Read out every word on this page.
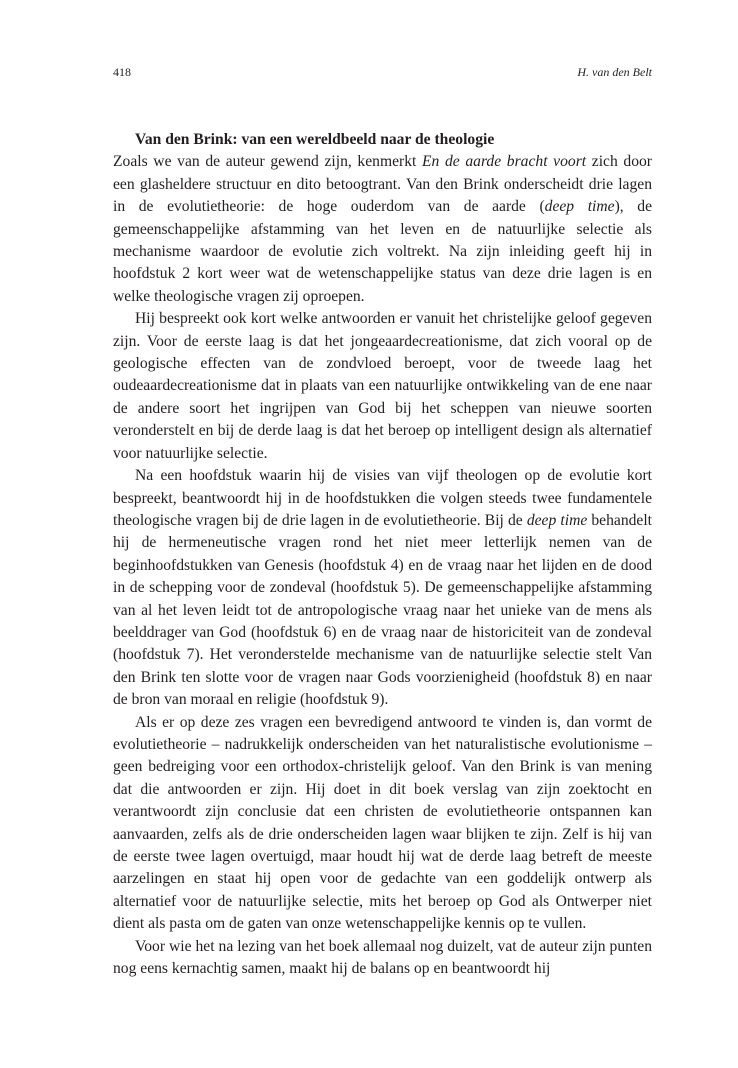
418	H. van den Belt
Van den Brink: van een wereldbeeld naar de theologie

Zoals we van de auteur gewend zijn, kenmerkt En de aarde bracht voort zich door een glasheldere structuur en dito betoogtrant. Van den Brink onderscheidt drie lagen in de evolutietheorie: de hoge ouderdom van de aarde (deep time), de gemeenschappelijke afstamming van het leven en de natuurlijke selectie als mechanisme waardoor de evolutie zich voltrekt. Na zijn inleiding geeft hij in hoofdstuk 2 kort weer wat de wetenschappelijke status van deze drie lagen is en welke theologische vragen zij oproepen.

Hij bespreekt ook kort welke antwoorden er vanuit het christelijke geloof gegeven zijn. Voor de eerste laag is dat het jongeaardecreationisme, dat zich vooral op de geologische effecten van de zondvloed beroept, voor de tweede laag het oudeaardecreationisme dat in plaats van een natuurlijke ontwikkeling van de ene naar de andere soort het ingrijpen van God bij het scheppen van nieuwe soorten veronderstelt en bij de derde laag is dat het beroep op intelligent design als alternatief voor natuurlijke selectie.

Na een hoofdstuk waarin hij de visies van vijf theologen op de evolutie kort bespreekt, beantwoordt hij in de hoofdstukken die volgen steeds twee fundamentele theologische vragen bij de drie lagen in de evolutietheorie. Bij de deep time behandelt hij de hermeneutische vragen rond het niet meer letterlijk nemen van de beginhoofdstukken van Genesis (hoofdstuk 4) en de vraag naar het lijden en de dood in de schepping voor de zondeval (hoofdstuk 5). De gemeenschappelijke afstamming van al het leven leidt tot de antropologische vraag naar het unieke van de mens als beelddrager van God (hoofdstuk 6) en de vraag naar de historiciteit van de zondeval (hoofdstuk 7). Het veronderstelde mechanisme van de natuurlijke selectie stelt Van den Brink ten slotte voor de vragen naar Gods voorzienigheid (hoofdstuk 8) en naar de bron van moraal en religie (hoofdstuk 9).

Als er op deze zes vragen een bevredigend antwoord te vinden is, dan vormt de evolutietheorie – nadrukkelijk onderscheiden van het naturalistische evolutionisme – geen bedreiging voor een orthodox-christelijk geloof. Van den Brink is van mening dat die antwoorden er zijn. Hij doet in dit boek verslag van zijn zoektocht en verantwoordt zijn conclusie dat een christen de evolutietheorie ontspannen kan aanvaarden, zelfs als de drie onderscheiden lagen waar blijken te zijn. Zelf is hij van de eerste twee lagen overtuigd, maar houdt hij wat de derde laag betreft de meeste aarzelingen en staat hij open voor de gedachte van een goddelijk ontwerp als alternatief voor de natuurlijke selectie, mits het beroep op God als Ontwerper niet dient als pasta om de gaten van onze wetenschappelijke kennis op te vullen.

Voor wie het na lezing van het boek allemaal nog duizelt, vat de auteur zijn punten nog eens kernachtig samen, maakt hij de balans op en beantwoordt hij
